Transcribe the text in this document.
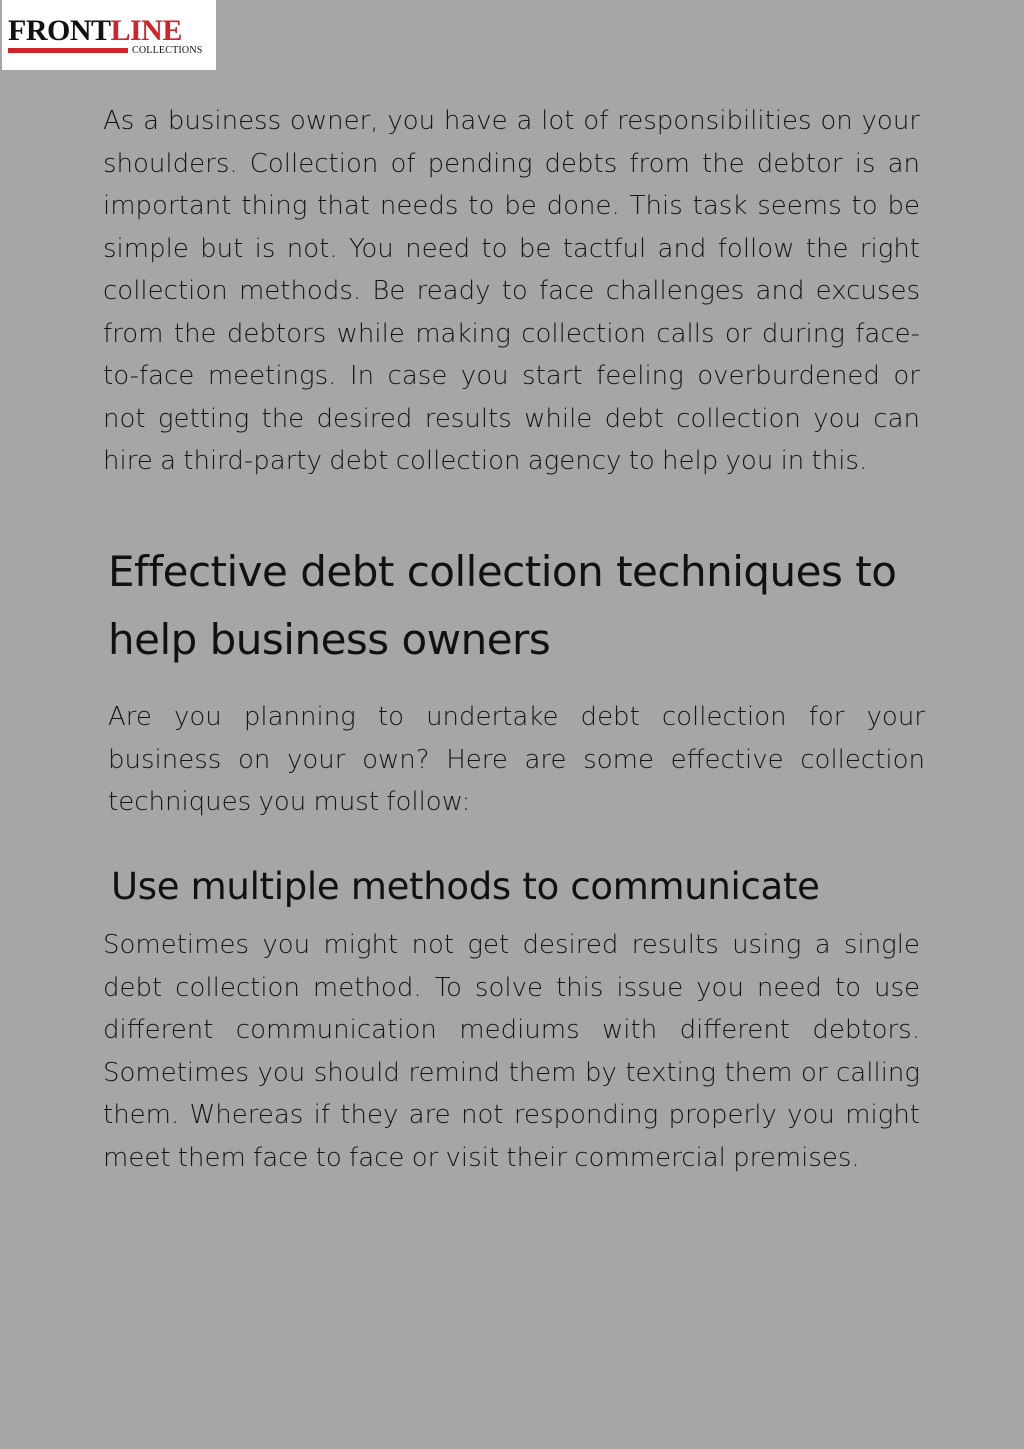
FRONTLINE
COLLECTIONS

As a business owner, you have a lot of responsibilities on your shoulders. Collection of pending debts from the debtor is an important thing that needs to be done. This task seems to be simple but is not. You need to be tactful and follow the right collection methods. Be ready to face challenges and excuses from the debtors while making collection calls or during face-to-face meetings. In case you start feeling overburdened or not getting the desired results while debt collection you can hire a third-party debt collection agency to help you in this.

Effective debt collection techniques to help business owners

Are you planning to undertake debt collection for your business on your own? Here are some effective collection techniques you must follow:

Use multiple methods to communicate

Sometimes you might not get desired results using a single debt collection method. To solve this issue you need to use different communication mediums with different debtors. Sometimes you should remind them by texting them or calling them. Whereas if they are not responding properly you might meet them face to face or visit their commercial premises.
